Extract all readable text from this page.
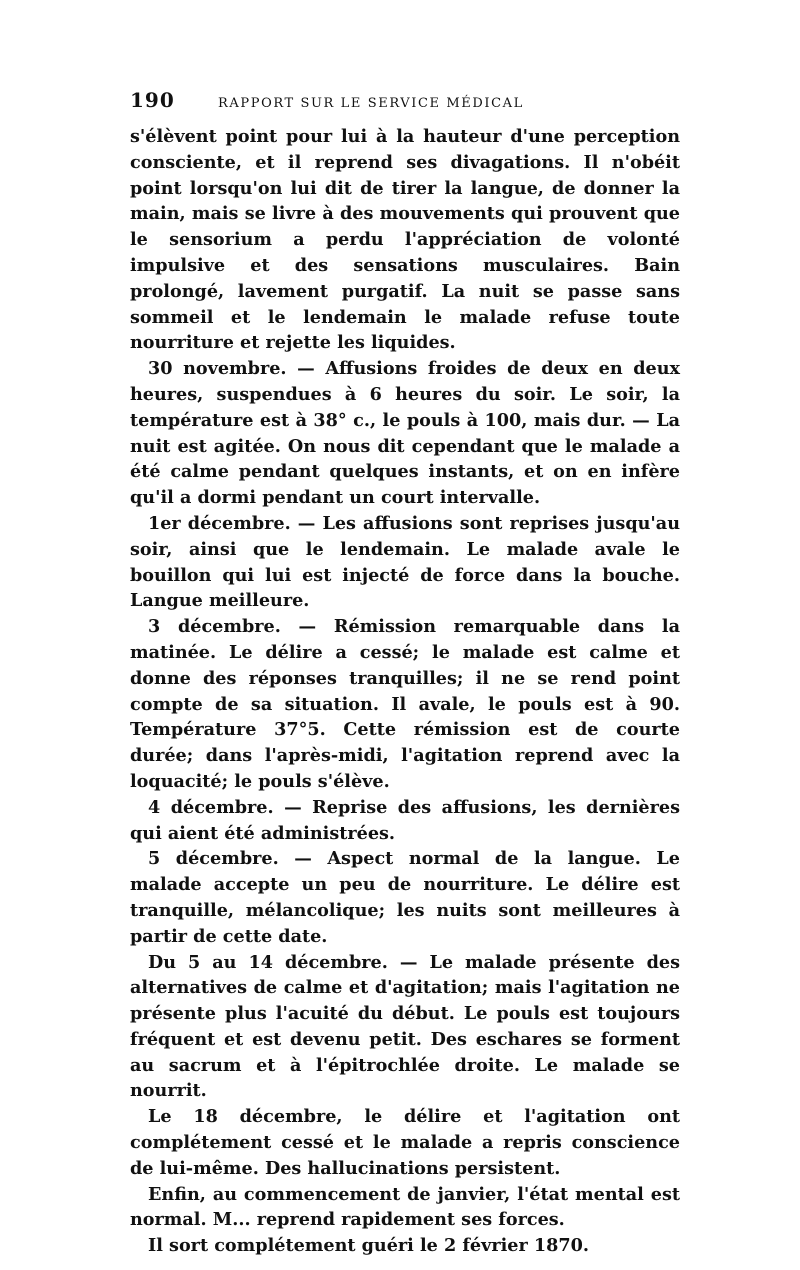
190	RAPPORT SUR LE SERVICE MÉDICAL

s'élèvent point pour lui à la hauteur d'une perception consciente, et il reprend ses divagations. Il n'obéit point lorsqu'on lui dit de tirer la langue, de donner la main, mais se livre à des mouvements qui prouvent que le sensorium a perdu l'appréciation de volonté impulsive et des sensations musculaires. Bain prolongé, lavement purgatif. La nuit se passe sans sommeil et le lendemain le malade refuse toute nourriture et rejette les liquides.

30 novembre. — Affusions froides de deux en deux heures, suspendues à 6 heures du soir. Le soir, la température est à 38° c., le pouls à 100, mais dur. — La nuit est agitée. On nous dit cependant que le malade a été calme pendant quelques instants, et on en infère qu'il a dormi pendant un court intervalle.

1er décembre. — Les affusions sont reprises jusqu'au soir, ainsi que le lendemain. Le malade avale le bouillon qui lui est injecté de force dans la bouche. Langue meilleure.

3 décembre. — Rémission remarquable dans la matinée. Le délire a cessé; le malade est calme et donne des réponses tranquilles; il ne se rend point compte de sa situation. Il avale, le pouls est à 90. Température 37°5. Cette rémission est de courte durée; dans l'après-midi, l'agitation reprend avec la loquacité; le pouls s'élève.

4 décembre. — Reprise des affusions, les dernières qui aient été administrées.

5 décembre. — Aspect normal de la langue. Le malade accepte un peu de nourriture. Le délire est tranquille, mélancolique; les nuits sont meilleures à partir de cette date.

Du 5 au 14 décembre. — Le malade présente des alternatives de calme et d'agitation; mais l'agitation ne présente plus l'acuité du début. Le pouls est toujours fréquent et est devenu petit. Des eschares se forment au sacrum et à l'épitrochlée droite. Le malade se nourrit.

Le 18 décembre, le délire et l'agitation ont complétement cessé et le malade a repris conscience de lui-même. Des hallucinations persistent.

Enfin, au commencement de janvier, l'état mental est normal. M... reprend rapidement ses forces.

Il sort complétement guéri le 2 février 1870.
